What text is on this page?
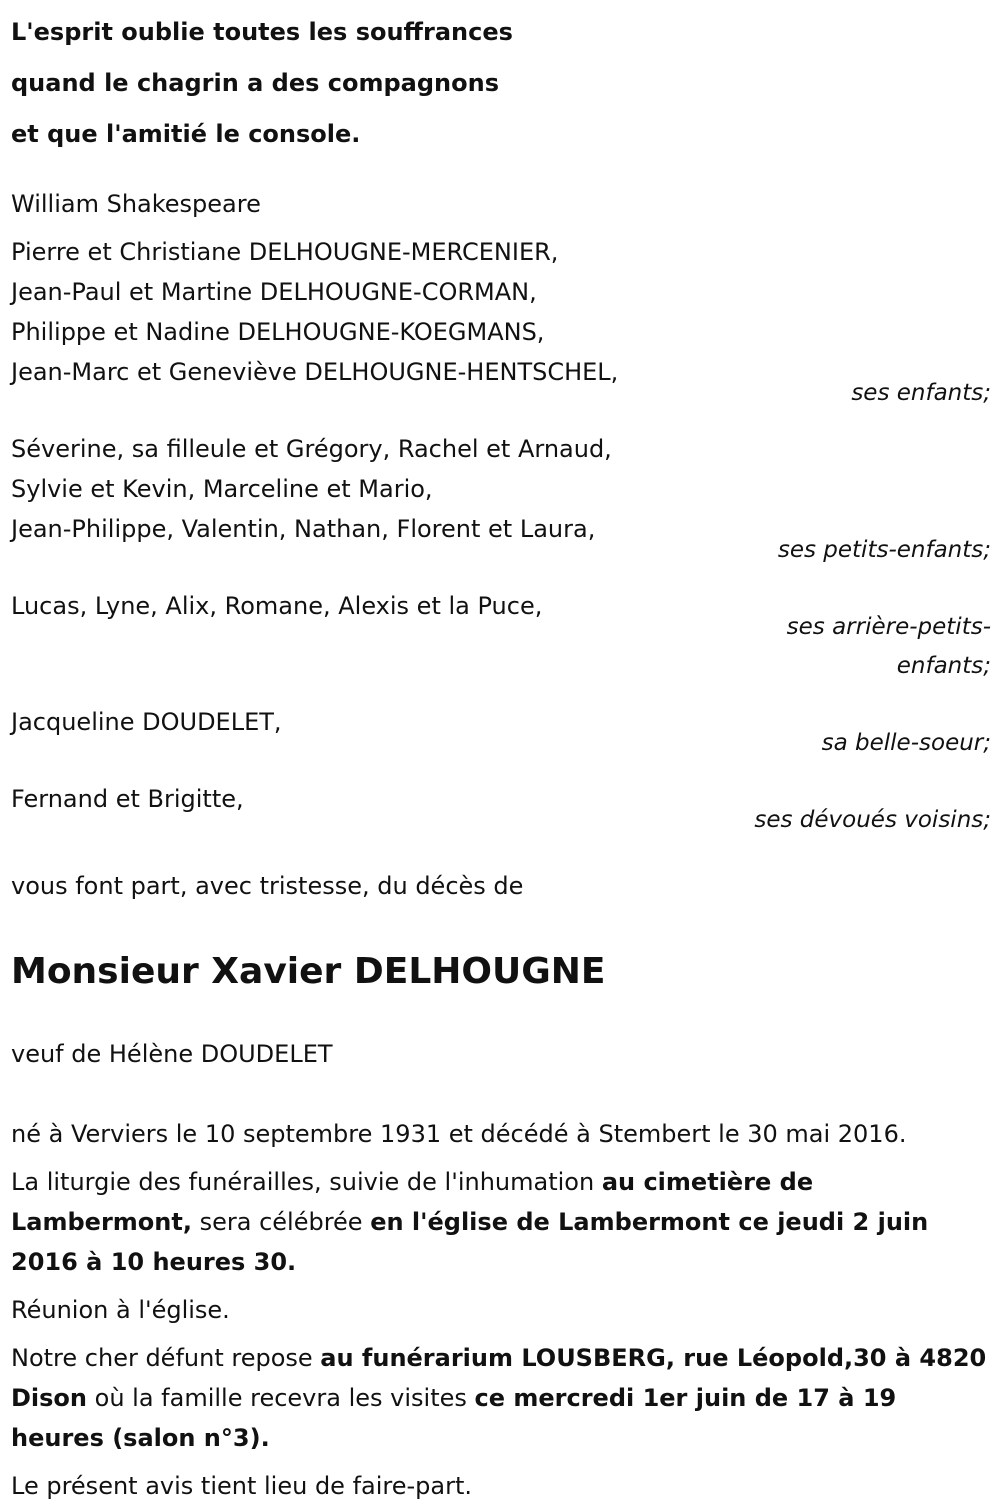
L'esprit oublie toutes les souffrances
quand le chagrin a des compagnons
et que l'amitié le console.
William Shakespeare
Pierre et Christiane DELHOUGNE-MERCENIER,
Jean-Paul et Martine DELHOUGNE-CORMAN,
Philippe et Nadine DELHOUGNE-KOEGMANS,
Jean-Marc et Geneviève DELHOUGNE-HENTSCHEL,
ses enfants;
Séverine, sa filleule et Grégory, Rachel et Arnaud,
Sylvie et Kevin, Marceline et Mario,
Jean-Philippe, Valentin, Nathan, Florent et Laura,
ses petits-enfants;
Lucas, Lyne, Alix, Romane, Alexis et la Puce,
ses arrière-petits-
enfants;
Jacqueline DOUDELET,
sa belle-soeur;
Fernand et Brigitte,
ses dévoués voisins;
vous font part, avec tristesse, du décès de
Monsieur Xavier DELHOUGNE
veuf de Hélène DOUDELET
né à Verviers le 10 septembre 1931 et décédé à Stembert le 30 mai 2016.
La liturgie des funérailles, suivie de l'inhumation au cimetière de Lambermont, sera célébrée en l'église de Lambermont ce jeudi 2 juin 2016 à 10 heures 30.
Réunion à l'église.
Notre cher défunt repose au funérarium LOUSBERG, rue Léopold,30 à 4820 Dison où la famille recevra les visites ce mercredi 1er juin de 17 à 19 heures (salon n°3).
Le présent avis tient lieu de faire-part.
